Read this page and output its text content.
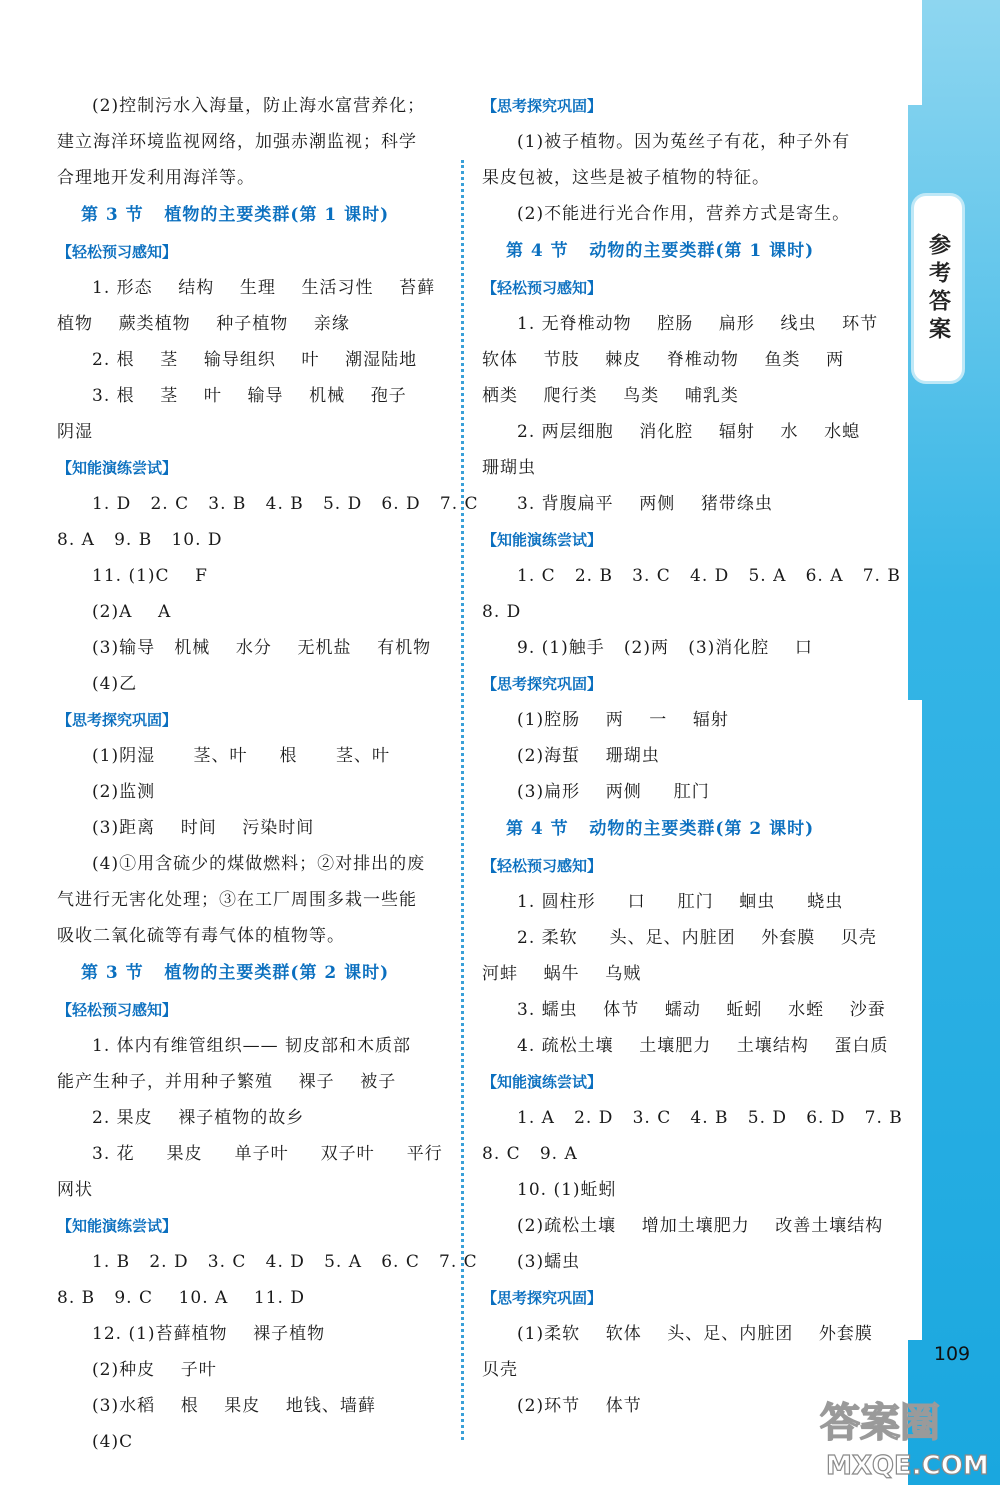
参考答案
109
(2)控制污水入海量，防止海水富营养化；
建立海洋环境监视网络，加强赤潮监视；科学
合理地开发利用海洋等。
第 3 节   植物的主要类群(第 1 课时)
【轻松预习感知】
1. 形态    结构    生理    生活习性    苔藓
植物    蕨类植物    种子植物    亲缘
2. 根    茎    输导组织    叶    潮湿陆地
3. 根    茎    叶    输导    机械    孢子
阴湿
【知能演练尝试】
1. D   2. C   3. B   4. B   5. D   6. D   7. C
8. A   9. B   10. D
11. (1)C    F
(2)A    A
(3)输导   机械    水分    无机盐    有机物
(4)乙
【思考探究巩固】
(1)阴湿      茎、叶     根      茎、叶
(2)监测
(3)距离    时间    污染时间
(4)①用含硫少的煤做燃料；②对排出的废
气进行无害化处理；③在工厂周围多栽一些能
吸收二氧化硫等有毒气体的植物等。
第 3 节   植物的主要类群(第 2 课时)
【轻松预习感知】
1. 体内有维管组织—— 韧皮部和木质部
能产生种子，并用种子繁殖    裸子    被子
2. 果皮    裸子植物的故乡
3. 花     果皮     单子叶     双子叶     平行
网状
【知能演练尝试】
1. B   2. D   3. C   4. D   5. A   6. C   7. C
8. B   9. C    10. A    11. D
12. (1)苔藓植物    裸子植物
(2)种皮    子叶
(3)水稻    根    果皮    地钱、墙藓
(4)C
【思考探究巩固】
(1)被子植物。因为菟丝子有花，种子外有
果皮包被，这些是被子植物的特征。
(2)不能进行光合作用，营养方式是寄生。
第 4 节   动物的主要类群(第 1 课时)
【轻松预习感知】
1. 无脊椎动物    腔肠    扁形    线虫    环节
软体    节肢    棘皮    脊椎动物    鱼类    两
栖类    爬行类    鸟类    哺乳类
2. 两层细胞    消化腔    辐射    水    水螅
珊瑚虫
3. 背腹扁平    两侧    猪带绦虫
【知能演练尝试】
1. C   2. B   3. C   4. D   5. A   6. A   7. B
8. D
9. (1)触手   (2)两   (3)消化腔    口
【思考探究巩固】
(1)腔肠    两    一    辐射
(2)海蜇    珊瑚虫
(3)扁形    两侧     肛门
第 4 节   动物的主要类群(第 2 课时)
【轻松预习感知】
1. 圆柱形     口     肛门    蛔虫     蛲虫
2. 柔软     头、足、内脏团    外套膜    贝壳
河蚌    蜗牛    乌贼
3. 蠕虫    体节    蠕动    蚯蚓    水蛭    沙蚕
4. 疏松土壤    土壤肥力    土壤结构    蛋白质
【知能演练尝试】
1. A   2. D   3. C   4. B   5. D   6. D   7. B
8. C   9. A
10. (1)蚯蚓
(2)疏松土壤    增加土壤肥力    改善土壤结构
(3)蠕虫
【思考探究巩固】
(1)柔软    软体    头、足、内脏团    外套膜
贝壳
(2)环节    体节	答案圈
MXQE.COM
